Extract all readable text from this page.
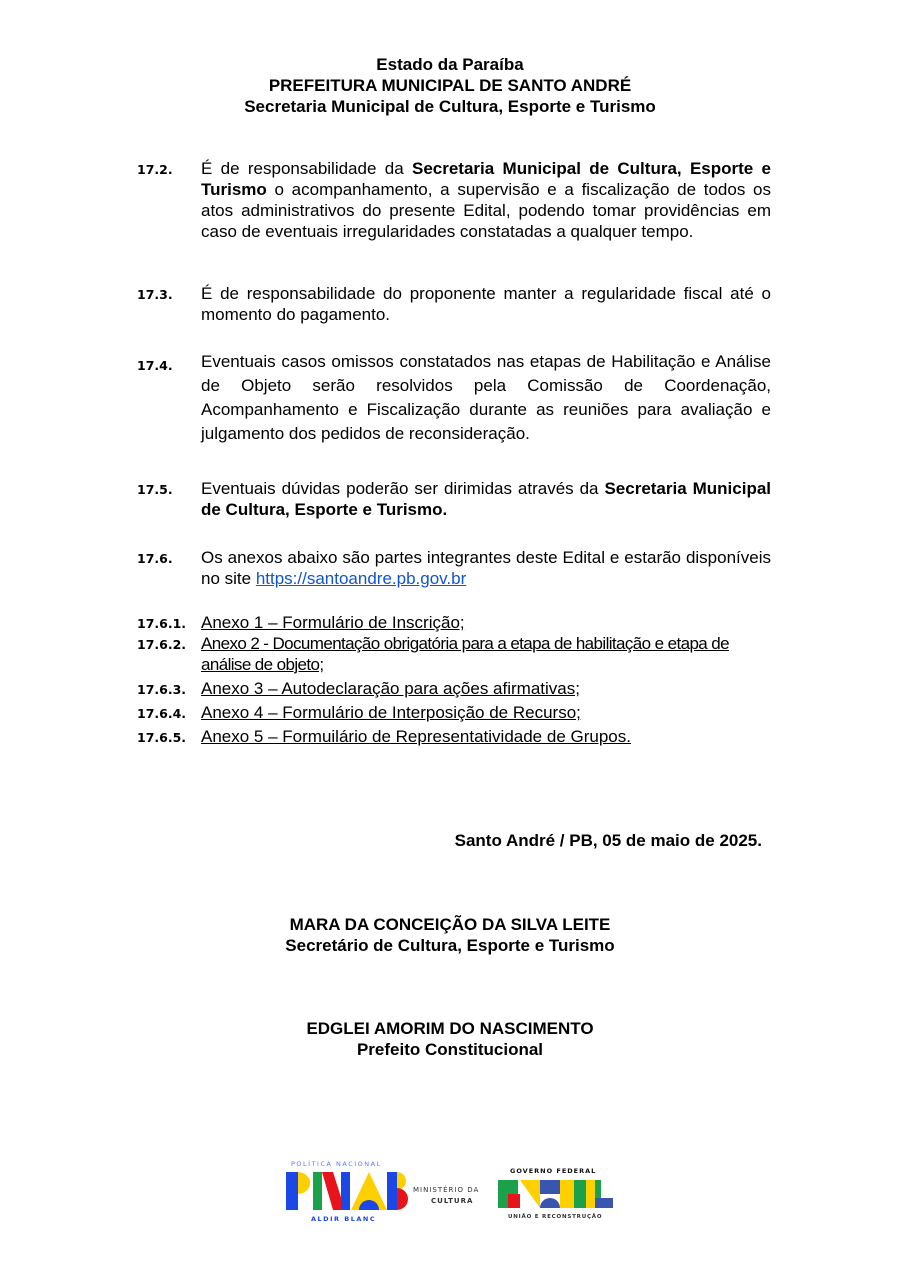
Estado da Paraíba
PREFEITURA MUNICIPAL DE SANTO ANDRÉ
Secretaria Municipal de Cultura, Esporte e Turismo
17.2. É de responsabilidade da Secretaria Municipal de Cultura, Esporte e Turismo o acompanhamento, a supervisão e a fiscalização de todos os atos administrativos do presente Edital, podendo tomar providências em caso de eventuais irregularidades constatadas a qualquer tempo.
17.3. É de responsabilidade do proponente manter a regularidade fiscal até o momento do pagamento.
17.4. Eventuais casos omissos constatados nas etapas de Habilitação e Análise de Objeto serão resolvidos pela Comissão de Coordenação, Acompanhamento e Fiscalização durante as reuniões para avaliação e julgamento dos pedidos de reconsideração.
17.5. Eventuais dúvidas poderão ser dirimidas através da Secretaria Municipal de Cultura, Esporte e Turismo.
17.6. Os anexos abaixo são partes integrantes deste Edital e estarão disponíveis no site https://santoandre.pb.gov.br
17.6.1. Anexo 1 – Formulário de Inscrição;
17.6.2. Anexo 2 - Documentação obrigatória para a etapa de habilitação e etapa de análise de objeto;
17.6.3. Anexo 3 – Autodeclaração para ações afirmativas;
17.6.4. Anexo 4 – Formulário de Interposição de Recurso;
17.6.5. Anexo 5 – Formuilário de Representatividade de Grupos.
Santo André / PB, 05 de maio de 2025.
MARA DA CONCEIÇÃO DA SILVA LEITE
Secretário de Cultura, Esporte e Turismo
EDGLEI AMORIM DO NASCIMENTO
Prefeito Constitucional
POLÍTICA NACIONAL
ALDIR BLANC
MINISTÉRIO DA
CULTURA
GOVERNO FEDERAL
UNIÃO E RECONSTRUÇÃO
